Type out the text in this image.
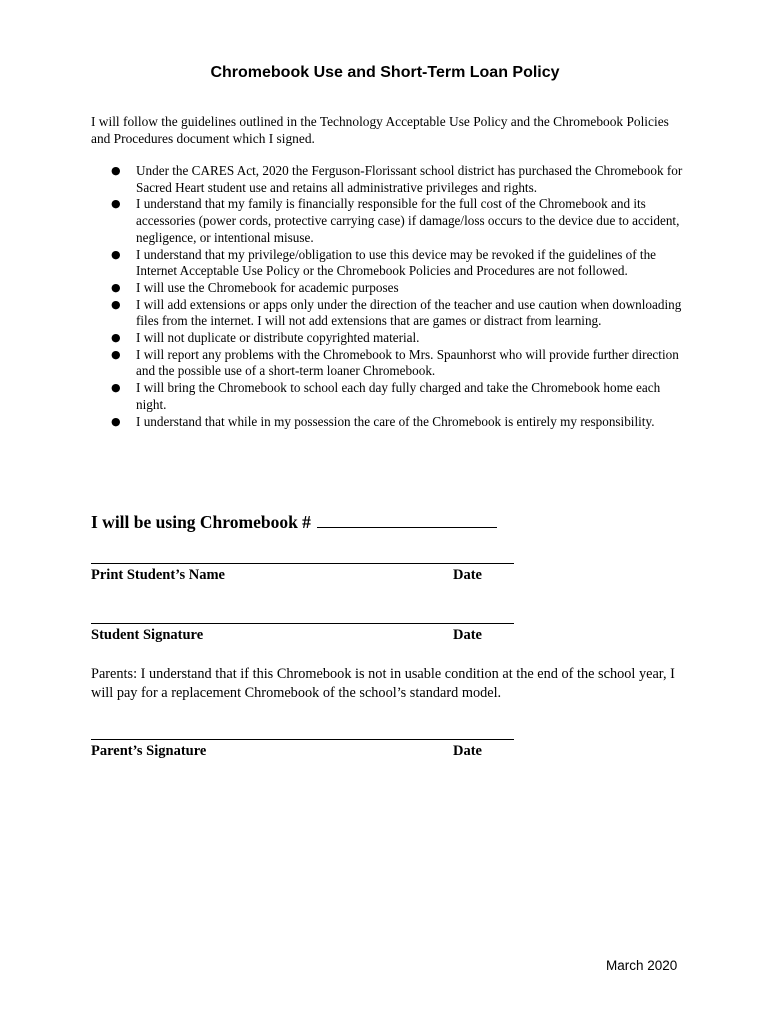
Chromebook Use and Short-Term Loan Policy
I will follow the guidelines outlined in the Technology Acceptable Use Policy and the Chromebook Policies and Procedures document which I signed.
● Under the CARES Act, 2020 the Ferguson-Florissant school district has purchased the Chromebook for Sacred Heart student use and retains all administrative privileges and rights.
● I understand that my family is financially responsible for the full cost of the Chromebook and its accessories (power cords, protective carrying case) if damage/loss occurs to the device due to accident, negligence, or intentional misuse.
● I understand that my privilege/obligation to use this device may be revoked if the guidelines of the Internet Acceptable Use Policy or the Chromebook Policies and Procedures are not followed.
● I will use the Chromebook for academic purposes
● I will add extensions or apps only under the direction of the teacher and use caution when downloading files from the internet. I will not add extensions that are games or distract from learning.
● I will not duplicate or distribute copyrighted material.
● I will report any problems with the Chromebook to Mrs. Spaunhorst who will provide further direction and the possible use of a short-term loaner Chromebook.
● I will bring the Chromebook to school each day fully charged and take the Chromebook home each night.
● I understand that while in my possession the care of the Chromebook is entirely my responsibility.
I will be using Chromebook #
Print Student’s Name	Date
Student Signature	Date
Parents: I understand that if this Chromebook is not in usable condition at the end of the school year, I will pay for a replacement Chromebook of the school’s standard model.
Parent’s Signature	Date
March 2020
